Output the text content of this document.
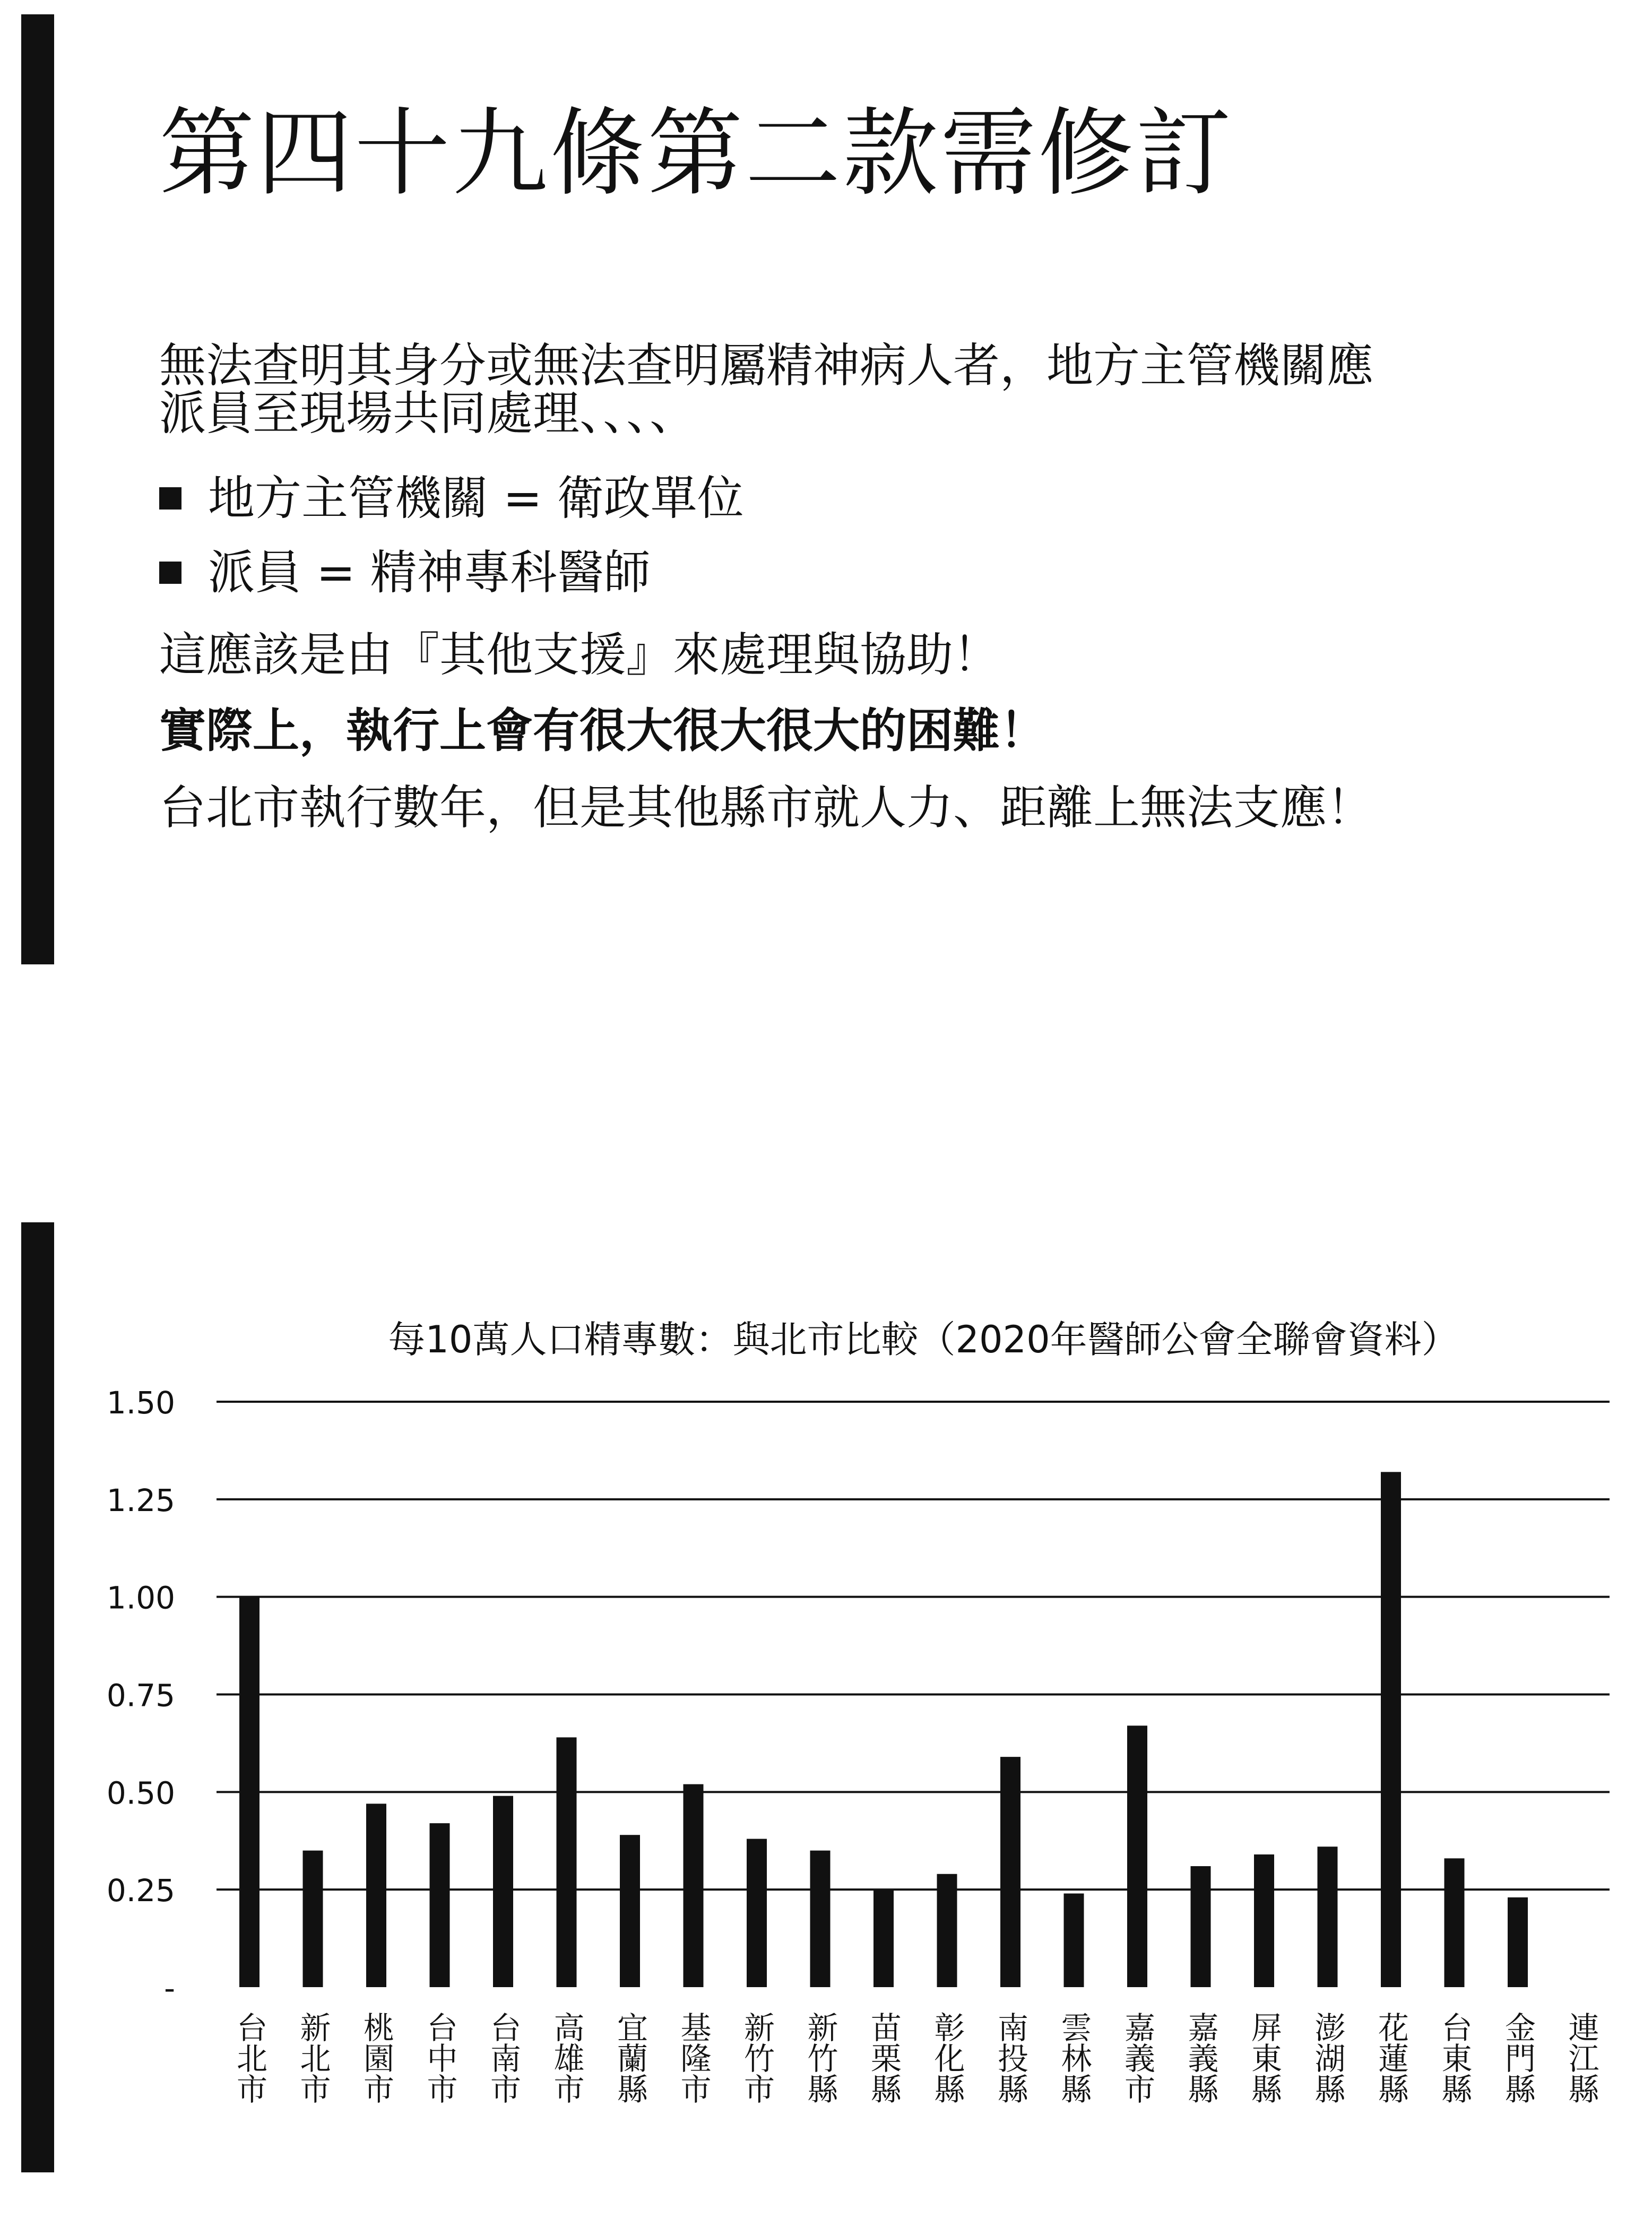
第四十九條第二款需修訂
無法查明其身分或無法查明屬精神病人者，地方主管機關應
派員至現場共同處理、、、、
地方主管機關 = 衛政單位
派員 = 精神專科醫師
這應該是由『其他支援』來處理與協助！
實際上，執行上會有很大很大很大的困難！
台北市執行數年，但是其他縣市就人力、距離上無法支應！
每10萬人口精專數：與北市比較（2020年醫師公會全聯會資料）
-
0.25
0.50
0.75
1.00
1.25
1.50
台北市 新北市 桃園市 台中市 台南市 高雄市 宜蘭縣 基隆市 新竹市 新竹縣 苗栗縣 彰化縣 南投縣 雲林縣 嘉義市 嘉義縣 屏東縣 澎湖縣 花蓮縣 台東縣 金門縣 連江縣
